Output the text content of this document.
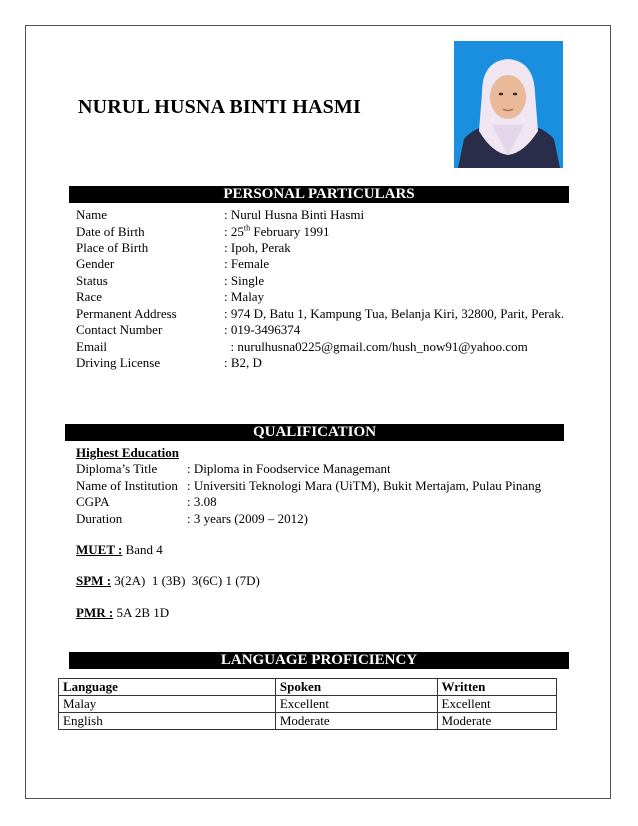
NURUL HUSNA BINTI HASMI
PERSONAL PARTICULARS
Name	: Nurul Husna Binti Hasmi
Date of Birth	: 25th February 1991
Place of Birth	: Ipoh, Perak
Gender	: Female
Status	: Single
Race	: Malay
Permanent Address	: 974 D, Batu 1, Kampung Tua, Belanja Kiri, 32800, Parit, Perak.
Contact Number	: 019-3496374
Email	: nurulhusna0225@gmail.com/hush_now91@yahoo.com
Driving License	: B2, D
QUALIFICATION
Highest Education
Diploma’s Title : Diploma in Foodservice Managemant
Name of Institution : Universiti Teknologi Mara (UiTM), Bukit Mertajam, Pulau Pinang
CGPA	: 3.08
Duration	: 3 years (2009 – 2012)
MUET : Band 4
SPM : 3(2A)  1 (3B)  3(6C) 1 (7D)
PMR : 5A 2B 1D
LANGUAGE PROFICIENCY
Language	Spoken	Written
Malay	Excellent	Excellent
English	Moderate	Moderate
